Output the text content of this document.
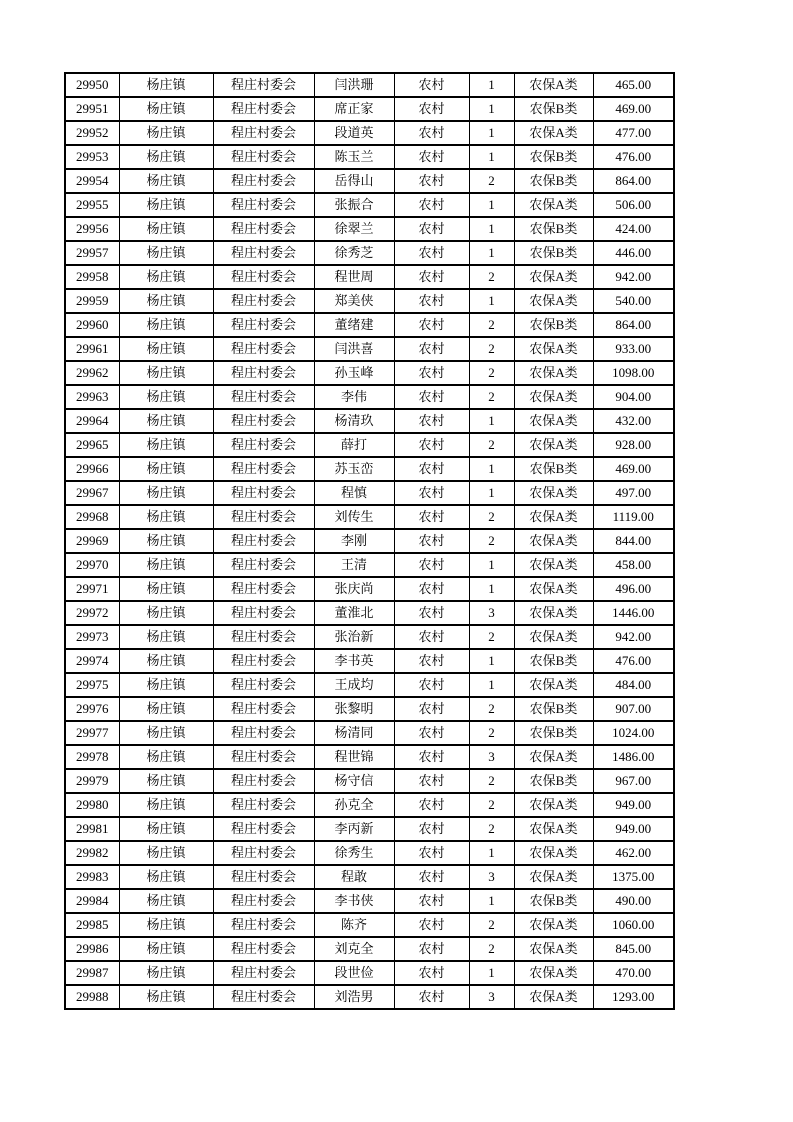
29950	杨庄镇	程庄村委会	闫洪珊	农村	1	农保A类	465.00
29951	杨庄镇	程庄村委会	席正家	农村	1	农保B类	469.00
29952	杨庄镇	程庄村委会	段道英	农村	1	农保A类	477.00
29953	杨庄镇	程庄村委会	陈玉兰	农村	1	农保B类	476.00
29954	杨庄镇	程庄村委会	岳得山	农村	2	农保B类	864.00
29955	杨庄镇	程庄村委会	张振合	农村	1	农保A类	506.00
29956	杨庄镇	程庄村委会	徐翠兰	农村	1	农保B类	424.00
29957	杨庄镇	程庄村委会	徐秀芝	农村	1	农保B类	446.00
29958	杨庄镇	程庄村委会	程世周	农村	2	农保A类	942.00
29959	杨庄镇	程庄村委会	郑美侠	农村	1	农保A类	540.00
29960	杨庄镇	程庄村委会	董绪建	农村	2	农保B类	864.00
29961	杨庄镇	程庄村委会	闫洪喜	农村	2	农保A类	933.00
29962	杨庄镇	程庄村委会	孙玉峰	农村	2	农保A类	1098.00
29963	杨庄镇	程庄村委会	李伟	农村	2	农保A类	904.00
29964	杨庄镇	程庄村委会	杨清玖	农村	1	农保A类	432.00
29965	杨庄镇	程庄村委会	薛打	农村	2	农保A类	928.00
29966	杨庄镇	程庄村委会	苏玉峦	农村	1	农保B类	469.00
29967	杨庄镇	程庄村委会	程慎	农村	1	农保A类	497.00
29968	杨庄镇	程庄村委会	刘传生	农村	2	农保A类	1119.00
29969	杨庄镇	程庄村委会	李刚	农村	2	农保A类	844.00
29970	杨庄镇	程庄村委会	王清	农村	1	农保A类	458.00
29971	杨庄镇	程庄村委会	张庆尚	农村	1	农保A类	496.00
29972	杨庄镇	程庄村委会	董淮北	农村	3	农保A类	1446.00
29973	杨庄镇	程庄村委会	张治新	农村	2	农保A类	942.00
29974	杨庄镇	程庄村委会	李书英	农村	1	农保B类	476.00
29975	杨庄镇	程庄村委会	王成均	农村	1	农保A类	484.00
29976	杨庄镇	程庄村委会	张黎明	农村	2	农保B类	907.00
29977	杨庄镇	程庄村委会	杨清同	农村	2	农保B类	1024.00
29978	杨庄镇	程庄村委会	程世锦	农村	3	农保A类	1486.00
29979	杨庄镇	程庄村委会	杨守信	农村	2	农保B类	967.00
29980	杨庄镇	程庄村委会	孙克全	农村	2	农保A类	949.00
29981	杨庄镇	程庄村委会	李丙新	农村	2	农保A类	949.00
29982	杨庄镇	程庄村委会	徐秀生	农村	1	农保A类	462.00
29983	杨庄镇	程庄村委会	程敢	农村	3	农保A类	1375.00
29984	杨庄镇	程庄村委会	李书侠	农村	1	农保B类	490.00
29985	杨庄镇	程庄村委会	陈齐	农村	2	农保A类	1060.00
29986	杨庄镇	程庄村委会	刘克全	农村	2	农保A类	845.00
29987	杨庄镇	程庄村委会	段世俭	农村	1	农保A类	470.00
29988	杨庄镇	程庄村委会	刘浩男	农村	3	农保A类	1293.00
